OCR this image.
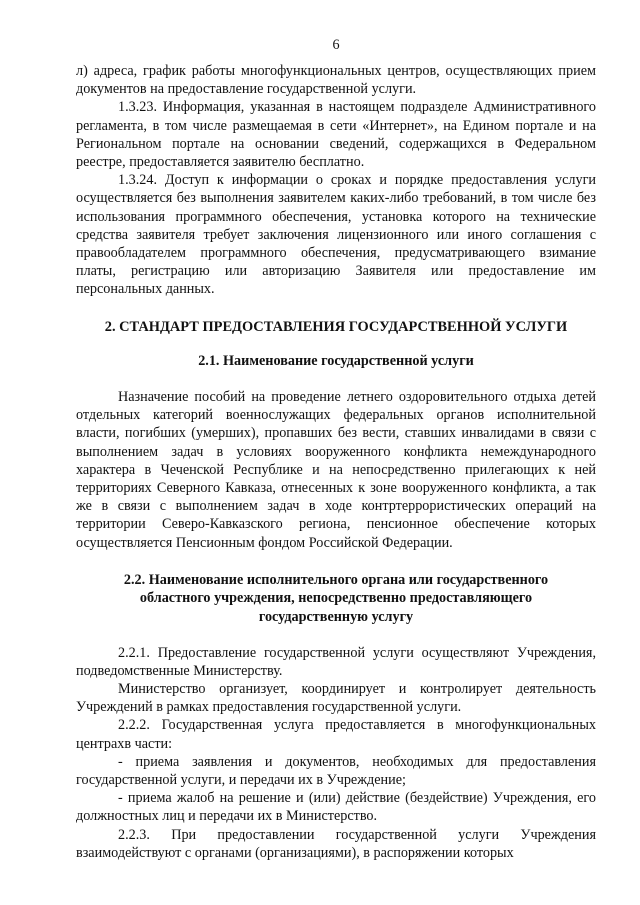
6

л) адреса, график работы многофункциональных центров, осуществляющих прием документов на предоставление государственной услуги.

1.3.23. Информация, указанная в настоящем подразделе Административного регламента, в том числе размещаемая в сети «Интернет», на Едином портале и на Региональном портале на основании сведений, содержащихся в Федеральном реестре, предоставляется заявителю бесплатно.

1.3.24. Доступ к информации о сроках и порядке предоставления услуги осуществляется без выполнения заявителем каких-либо требований, в том числе без использования программного обеспечения, установка которого на технические средства заявителя требует заключения лицензионного или иного соглашения с правообладателем программного обеспечения, предусматривающего взимание платы, регистрацию или авторизацию Заявителя или предоставление им персональных данных.

2. СТАНДАРТ ПРЕДОСТАВЛЕНИЯ ГОСУДАРСТВЕННОЙ УСЛУГИ
2.1. Наименование государственной услуги

Назначение пособий на проведение летнего оздоровительного отдыха детей отдельных категорий военнослужащих федеральных органов исполнительной власти, погибших (умерших), пропавших без вести, ставших инвалидами в связи с выполнением задач в условиях вооруженного конфликта немеждународного характера в Чеченской Республике и на непосредственно прилегающих к ней территориях Северного Кавказа, отнесенных к зоне вооруженного конфликта, а так же в связи с выполнением задач в ходе контртеррористических операций на территории Северо-Кавказского региона, пенсионное обеспечение которых осуществляется Пенсионным фондом Российской Федерации.

2.2. Наименование исполнительного органа или государственного
областного учреждения, непосредственно предоставляющего
государственную услугу

2.2.1. Предоставление государственной услуги осуществляют Учреждения, подведомственные Министерству.

Министерство организует, координирует и контролирует деятельность Учреждений в рамках предоставления государственной услуги.

2.2.2. Государственная услуга предоставляется в многофункциональных центрахв части:

- приема заявления и документов, необходимых для предоставления государственной услуги, и передачи их в Учреждение;

- приема жалоб на решение и (или) действие (бездействие) Учреждения, его должностных лиц и передачи их в Министерство.

2.2.3. При предоставлении государственной услуги Учреждения взаимодействуют с органами (организациями), в распоряжении которых
